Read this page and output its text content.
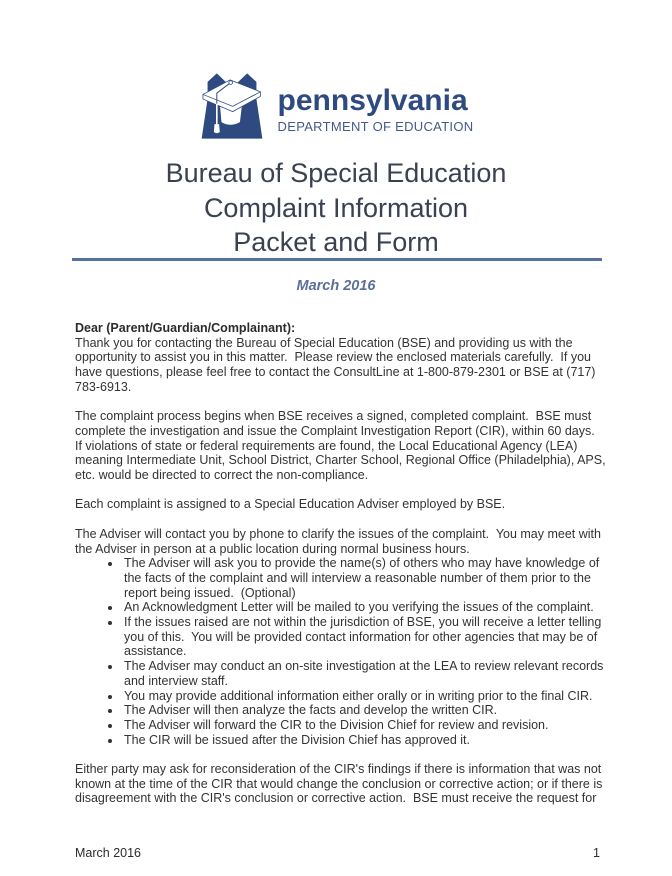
pennsylvania
DEPARTMENT OF EDUCATION
Bureau of Special Education
Complaint Information
Packet and Form
March 2016

Dear (Parent/Guardian/Complainant):

Thank you for contacting the Bureau of Special Education (BSE) and providing us with the opportunity to assist you in this matter.  Please review the enclosed materials carefully.  If you have questions, please feel free to contact the ConsultLine at 1-800-879-2301 or BSE at (717) 783-6913.

The complaint process begins when BSE receives a signed, completed complaint.  BSE must complete the investigation and issue the Complaint Investigation Report (CIR), within 60 days.  If violations of state or federal requirements are found, the Local Educational Agency (LEA) meaning Intermediate Unit, School District, Charter School, Regional Office (Philadelphia), APS, etc. would be directed to correct the non-compliance.

Each complaint is assigned to a Special Education Adviser employed by BSE.

The Adviser will contact you by phone to clarify the issues of the complaint.  You may meet with the Adviser in person at a public location during normal business hours.

• The Adviser will ask you to provide the name(s) of others who may have knowledge of the facts of the complaint and will interview a reasonable number of them prior to the report being issued.  (Optional)
• An Acknowledgment Letter will be mailed to you verifying the issues of the complaint.
• If the issues raised are not within the jurisdiction of BSE, you will receive a letter telling you of this.  You will be provided contact information for other agencies that may be of assistance.
• The Adviser may conduct an on-site investigation at the LEA to review relevant records and interview staff.
• You may provide additional information either orally or in writing prior to the final CIR.
• The Adviser will then analyze the facts and develop the written CIR.
• The Adviser will forward the CIR to the Division Chief for review and revision.
• The CIR will be issued after the Division Chief has approved it.

Either party may ask for reconsideration of the CIR's findings if there is information that was not known at the time of the CIR that would change the conclusion or corrective action; or if there is disagreement with the CIR's conclusion or corrective action.  BSE must receive the request for

March 2016	1
